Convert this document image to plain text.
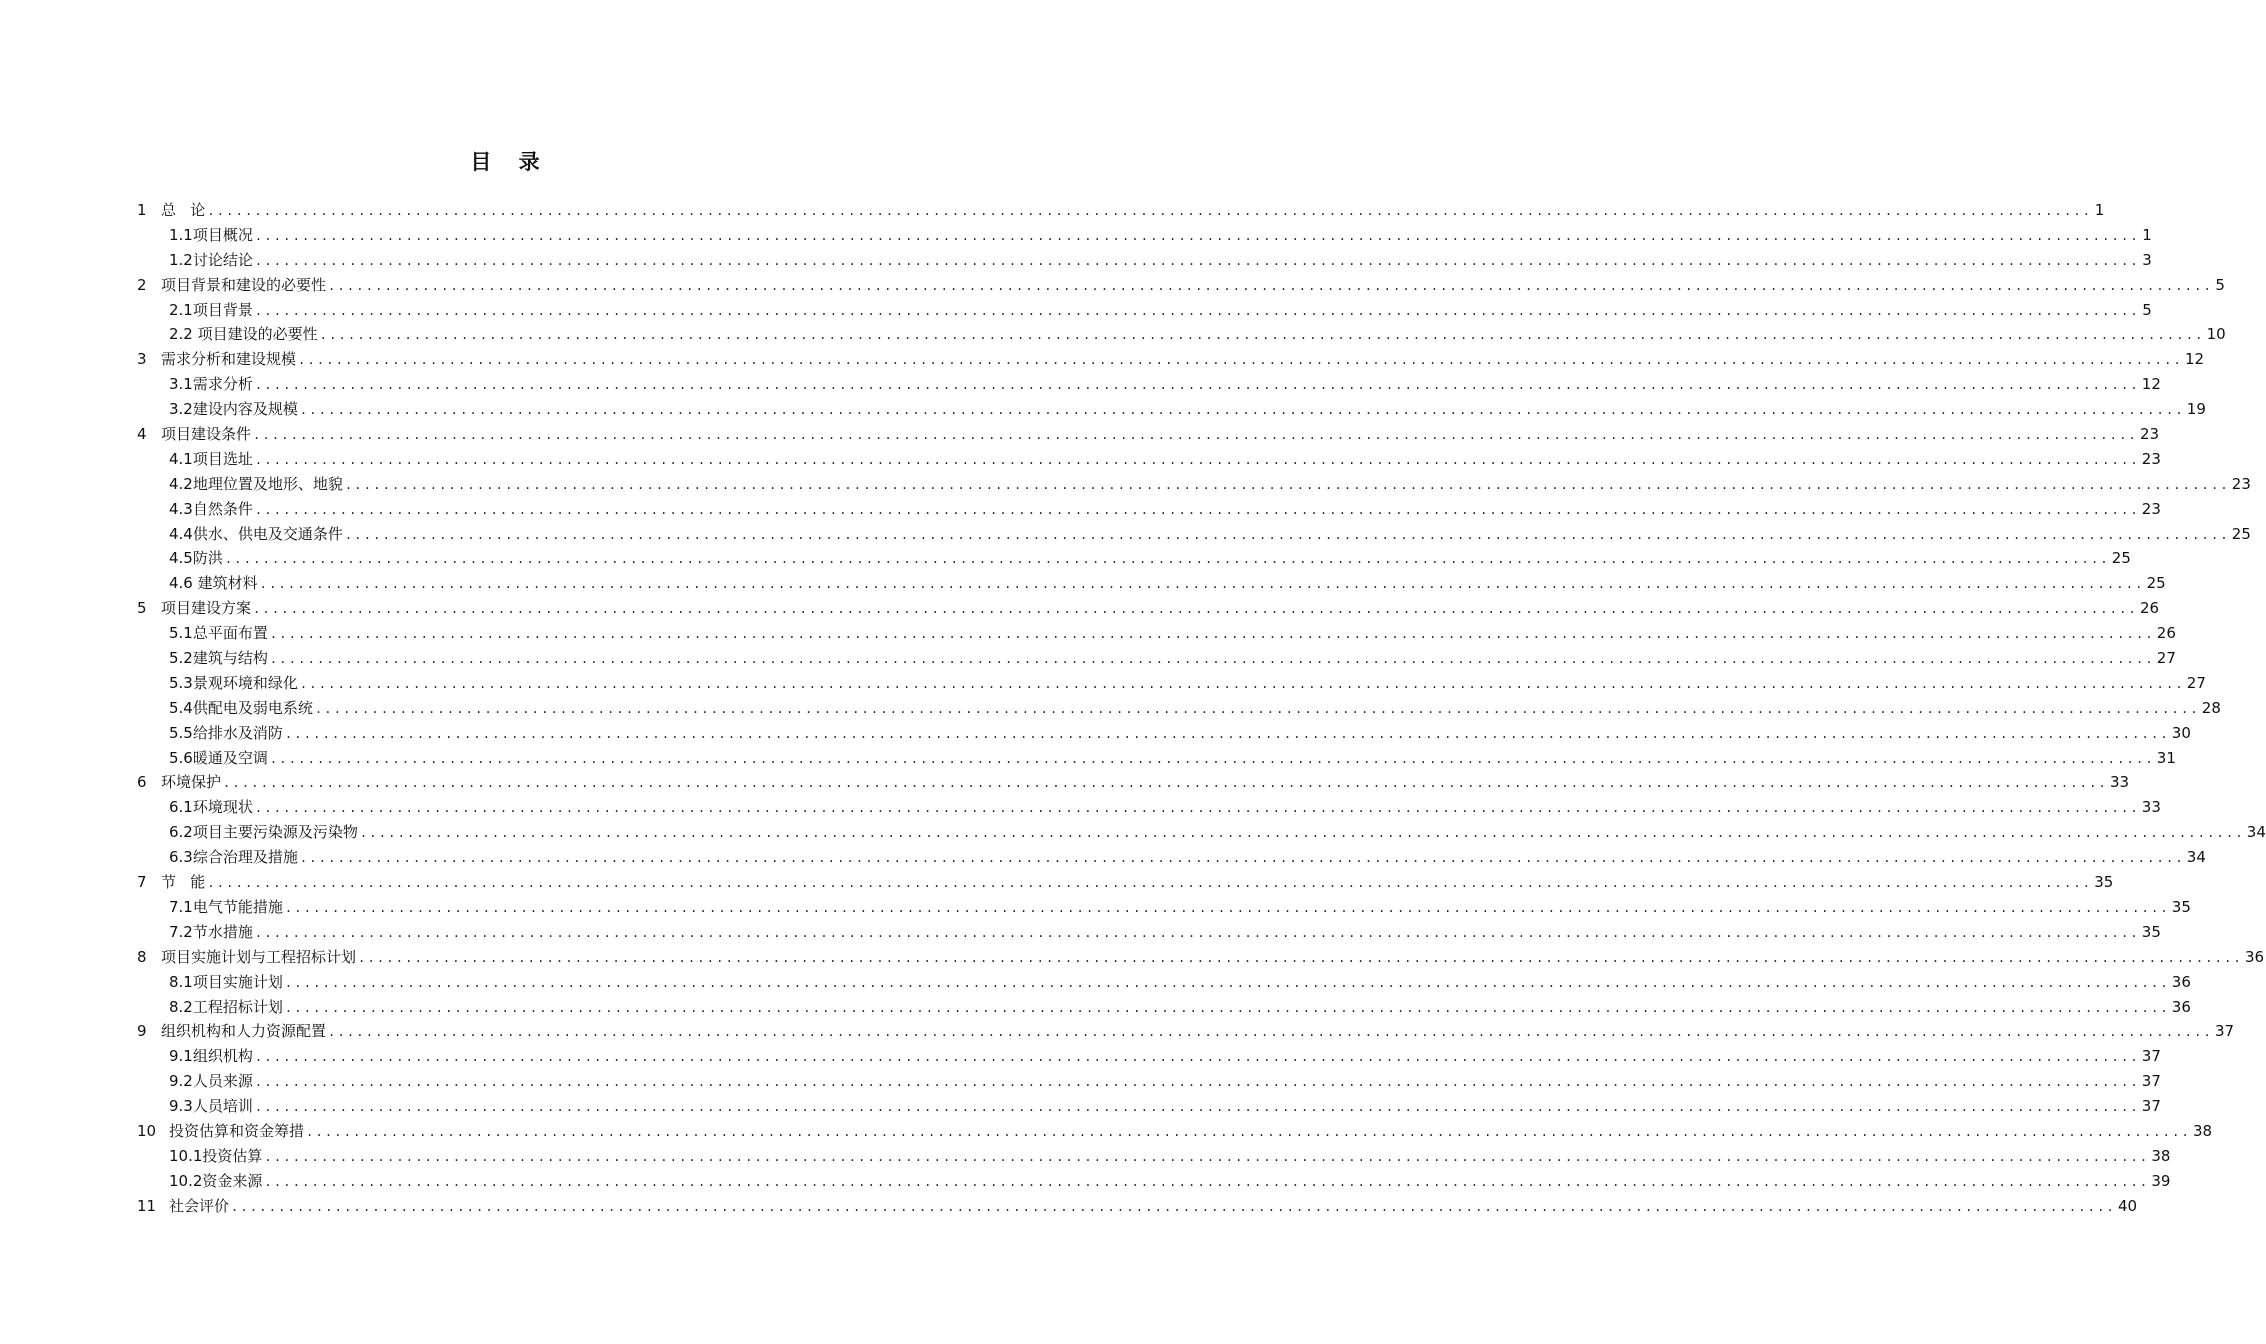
目 录
1 总   论 ........................................................................................................................................................................................................ 1
1.1 项目概况 ........................................................................................................................................................................................................ 1
1.2 讨论结论 ........................................................................................................................................................................................................ 3
2 项目背景和建设的必要性 ........................................................................................................................................................................................................ 5
2.1 项目背景 ........................................................................................................................................................................................................ 5
2.2 项目建设的必要性 ........................................................................................................................................................................................................ 10
3 需求分析和建设规模 ........................................................................................................................................................................................................ 12
3.1 需求分析 ........................................................................................................................................................................................................ 12
3.2 建设内容及规模 ........................................................................................................................................................................................................ 19
4 项目建设条件 ........................................................................................................................................................................................................ 23
4.1 项目选址 ........................................................................................................................................................................................................ 23
4.2 地理位置及地形、地貌 ........................................................................................................................................................................................................ 23
4.3 自然条件 ........................................................................................................................................................................................................ 23
4.4 供水、供电及交通条件 ........................................................................................................................................................................................................ 25
4.5 防洪 ........................................................................................................................................................................................................ 25
4.6 建筑材料 ........................................................................................................................................................................................................ 25
5 项目建设方案 ........................................................................................................................................................................................................ 26
5.1 总平面布置 ........................................................................................................................................................................................................ 26
5.2 建筑与结构 ........................................................................................................................................................................................................ 27
5.3 景观环境和绿化 ........................................................................................................................................................................................................ 27
5.4 供配电及弱电系统 ........................................................................................................................................................................................................ 28
5.5 给排水及消防 ........................................................................................................................................................................................................ 30
5.6 暖通及空调 ........................................................................................................................................................................................................ 31
6 环境保护 ........................................................................................................................................................................................................ 33
6.1 环境现状 ........................................................................................................................................................................................................ 33
6.2 项目主要污染源及污染物 ........................................................................................................................................................................................................ 34
6.3 综合治理及措施 ........................................................................................................................................................................................................ 34
7 节   能 ........................................................................................................................................................................................................ 35
7.1 电气节能措施 ........................................................................................................................................................................................................ 35
7.2 节水措施 ........................................................................................................................................................................................................ 35
8 项目实施计划与工程招标计划 ........................................................................................................................................................................................................ 36
8.1 项目实施计划 ........................................................................................................................................................................................................ 36
8.2 工程招标计划 ........................................................................................................................................................................................................ 36
9 组织机构和人力资源配置 ........................................................................................................................................................................................................ 37
9.1 组织机构 ........................................................................................................................................................................................................ 37
9.2 人员来源 ........................................................................................................................................................................................................ 37
9.3 人员培训 ........................................................................................................................................................................................................ 37
10 投资估算和资金筹措 ........................................................................................................................................................................................................ 38
10.1 投资估算 ........................................................................................................................................................................................................ 38
10.2 资金来源 ........................................................................................................................................................................................................ 39
11 社会评价 ........................................................................................................................................................................................................ 40
